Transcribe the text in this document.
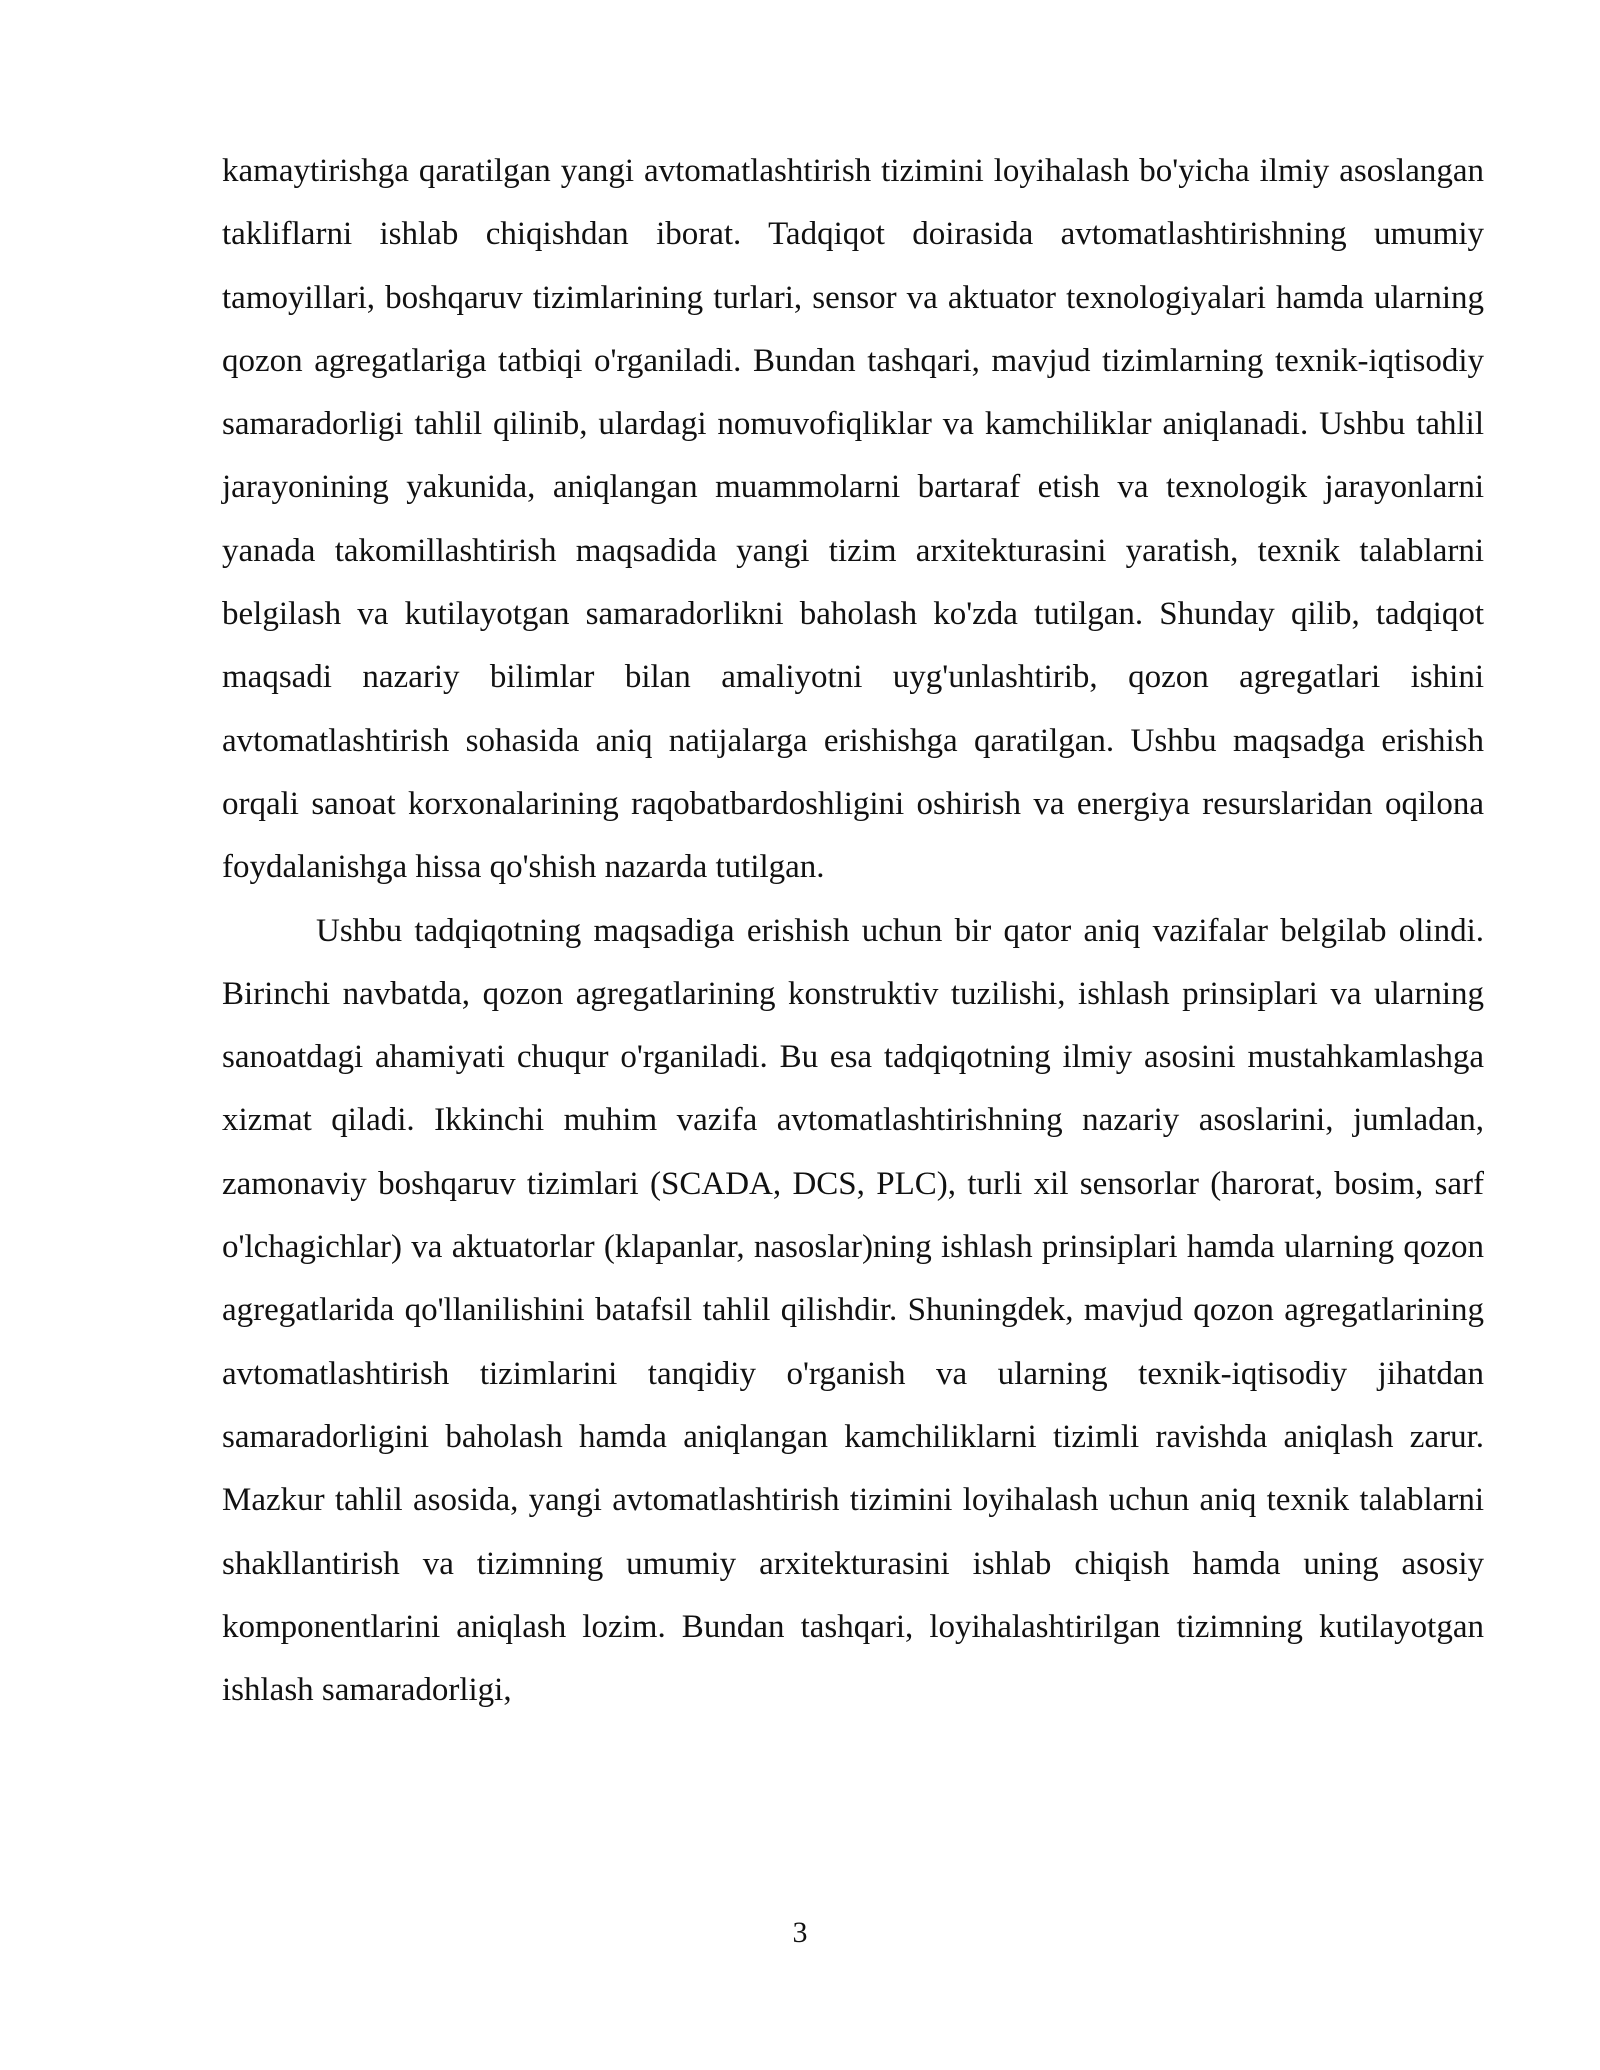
kamaytirishga qaratilgan yangi avtomatlashtirish tizimini loyihalash bo'yicha ilmiy asoslangan takliflarni ishlab chiqishdan iborat. Tadqiqot doirasida avtomatlashtirishning umumiy tamoyillari, boshqaruv tizimlarining turlari, sensor va aktuator texnologiyalari hamda ularning qozon agregatlariga tatbiqi o'rganiladi. Bundan tashqari, mavjud tizimlarning texnik-iqtisodiy samaradorligi tahlil qilinib, ulardagi nomuvofiqliklar va kamchiliklar aniqlanadi. Ushbu tahlil jarayonining yakunida, aniqlangan muammolarni bartaraf etish va texnologik jarayonlarni yanada takomillashtirish maqsadida yangi tizim arxitekturasini yaratish, texnik talablarni belgilash va kutilayotgan samaradorlikni baholash ko'zda tutilgan. Shunday qilib, tadqiqot maqsadi nazariy bilimlar bilan amaliyotni uyg'unlashtirib, qozon agregatlari ishini avtomatlashtirish sohasida aniq natijalarga erishishga qaratilgan. Ushbu maqsadga erishish orqali sanoat korxonalarining raqobatbardoshligini oshirish va energiya resurslaridan oqilona foydalanishga hissa qo'shish nazarda tutilgan.

Ushbu tadqiqotning maqsadiga erishish uchun bir qator aniq vazifalar belgilab olindi. Birinchi navbatda, qozon agregatlarining konstruktiv tuzilishi, ishlash prinsiplari va ularning sanoatdagi ahamiyati chuqur o'rganiladi. Bu esa tadqiqotning ilmiy asosini mustahkamlashga xizmat qiladi. Ikkinchi muhim vazifa avtomatlashtirishning nazariy asoslarini, jumladan, zamonaviy boshqaruv tizimlari (SCADA, DCS, PLC), turli xil sensorlar (harorat, bosim, sarf o'lchagichlar) va aktuatorlar (klapanlar, nasoslar)ning ishlash prinsiplari hamda ularning qozon agregatlarida qo'llanilishini batafsil tahlil qilishdir. Shuningdek, mavjud qozon agregatlarining avtomatlashtirish tizimlarini tanqidiy o'rganish va ularning texnik-iqtisodiy jihatdan samaradorligini baholash hamda aniqlangan kamchiliklarni tizimli ravishda aniqlash zarur. Mazkur tahlil asosida, yangi avtomatlashtirish tizimini loyihalash uchun aniq texnik talablarni shakllantirish va tizimning umumiy arxitekturasini ishlab chiqish hamda uning asosiy komponentlarini aniqlash lozim. Bundan tashqari, loyihalashtirilgan tizimning kutilayotgan ishlash samaradorligi,

3
